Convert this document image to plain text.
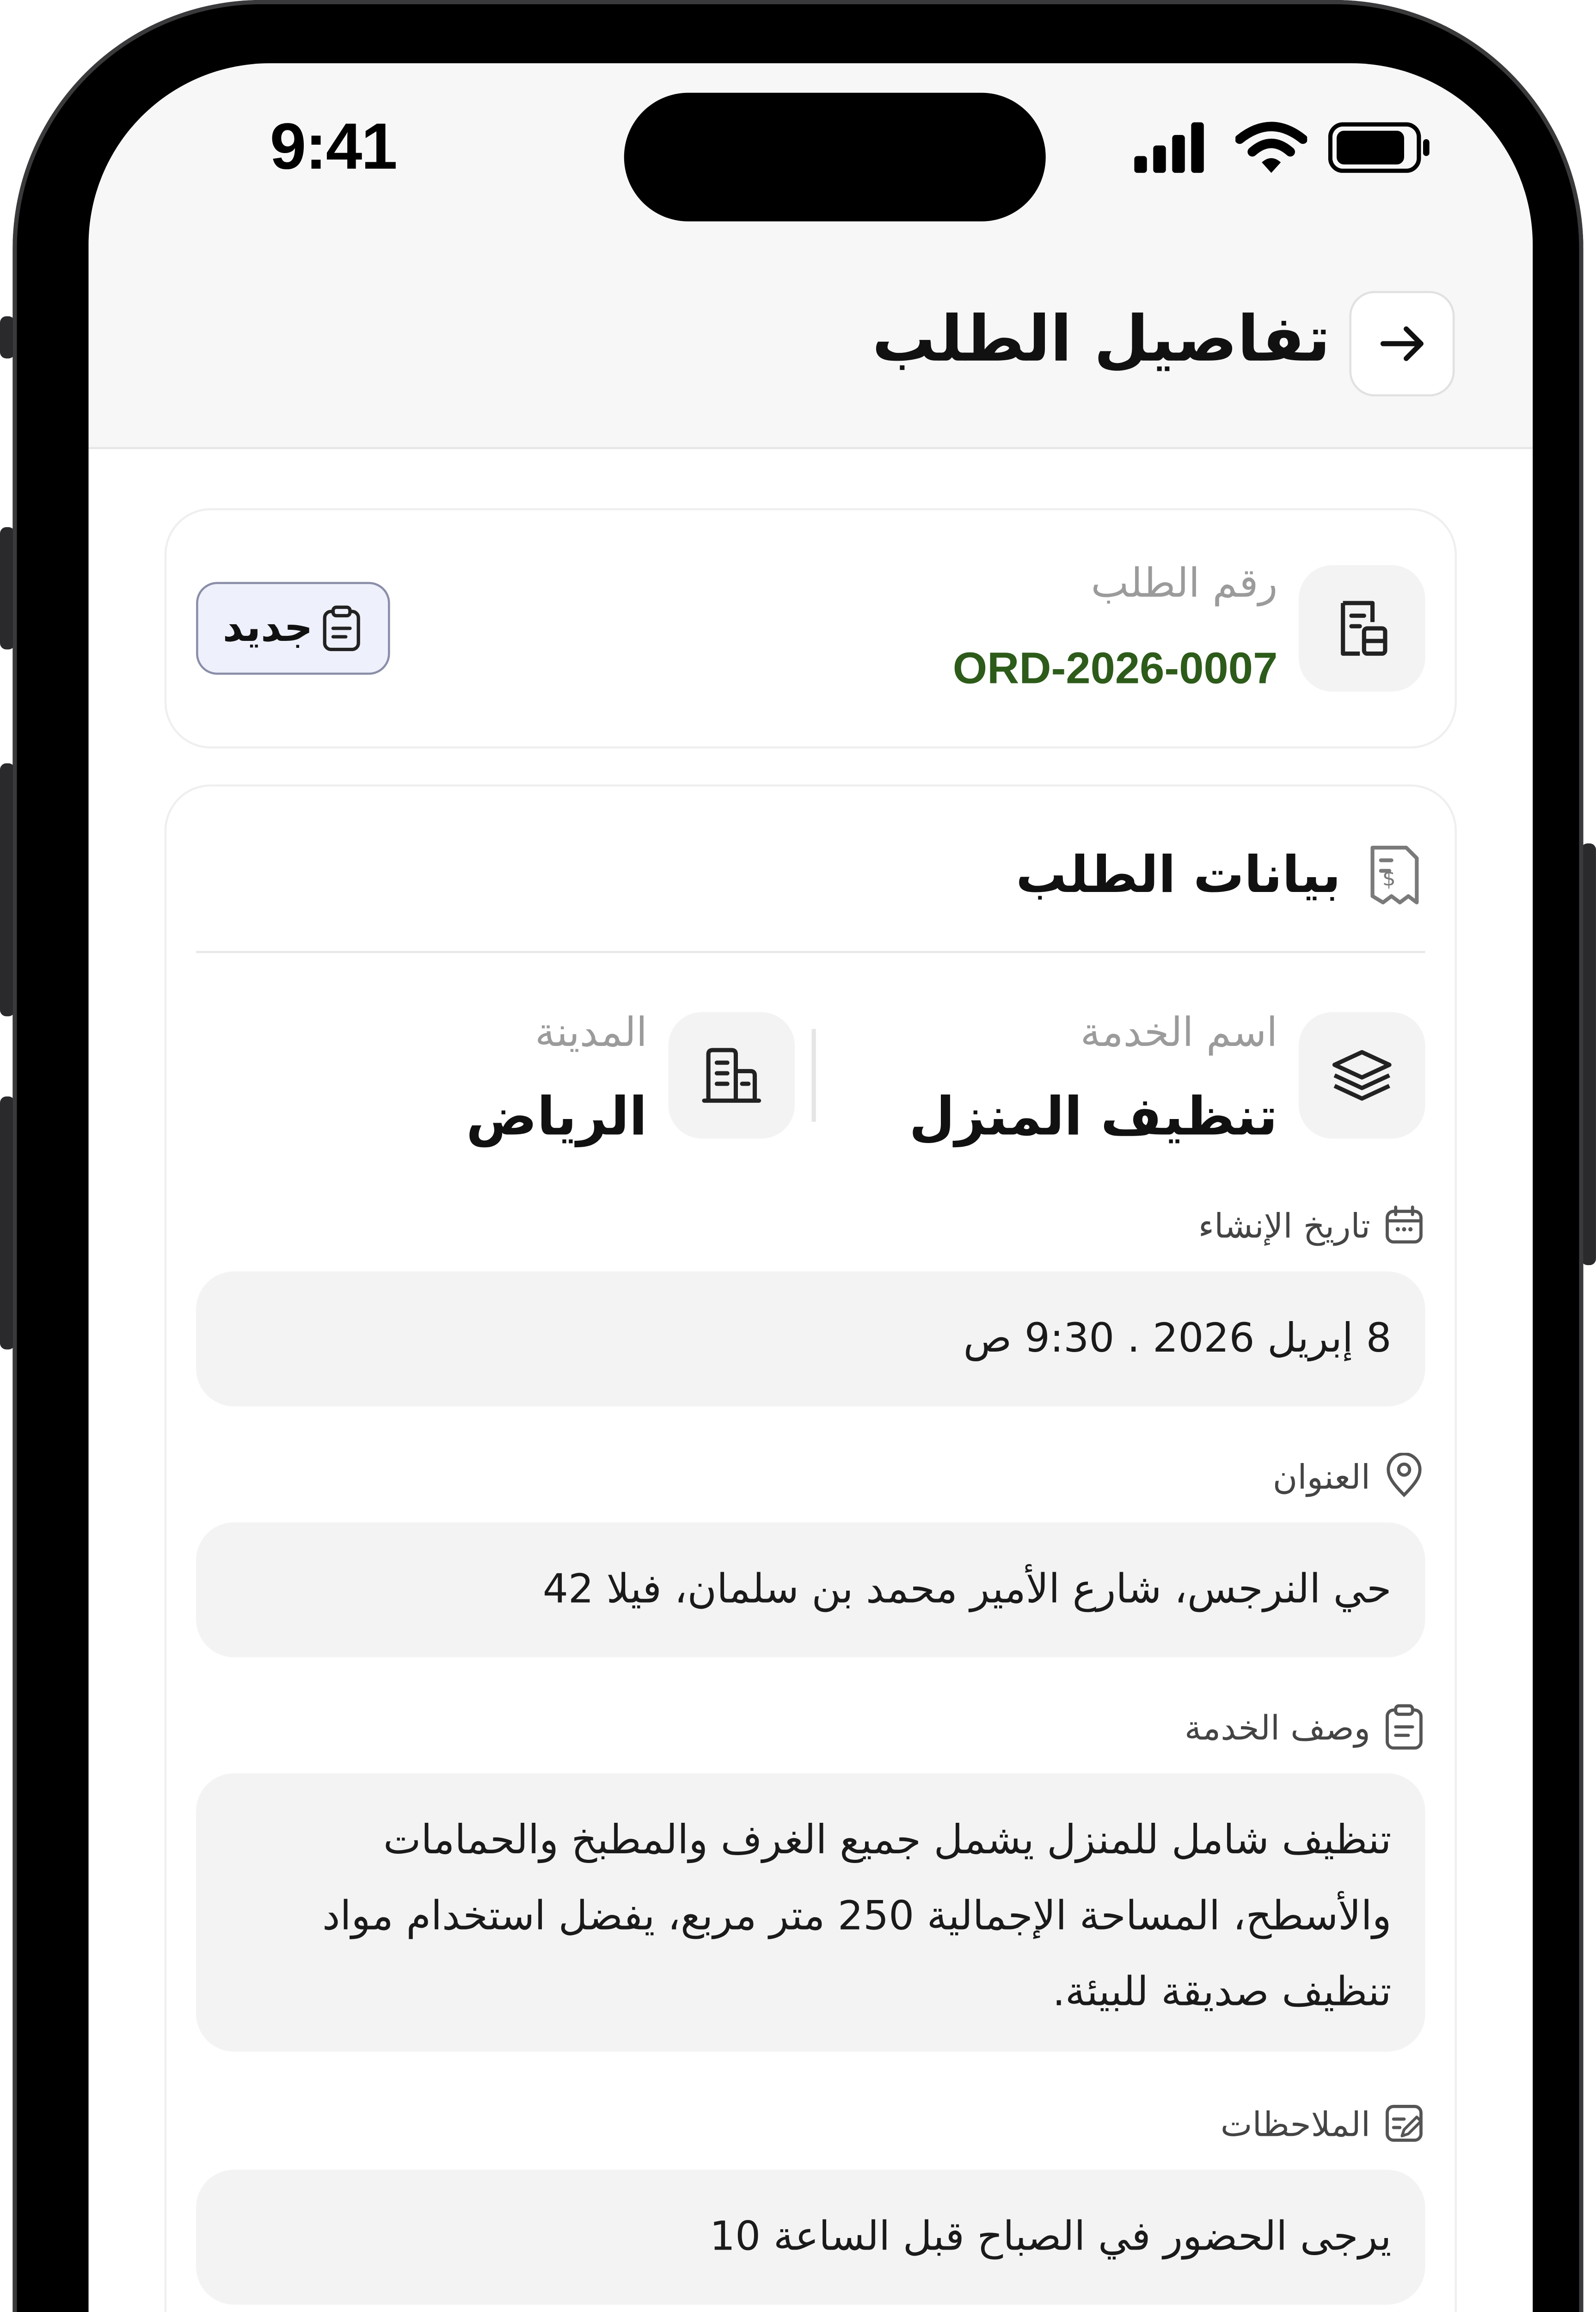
9:41
تفاصيل الطلب
رقم الطلب
ORD-2026-0007
جديد
$
بيانات الطلب
اسم الخدمة
تنظيف المنزل
المدينة
الرياض
تاريخ الإنشاء
8 إبريل 2026 . 9:30 ص
العنوان
حي النرجس، شارع الأمير محمد بن سلمان، فيلا 42
وصف الخدمة
تنظيف شامل للمنزل يشمل جميع الغرف والمطبخ والحمامات والأسطح، المساحة الإجمالية 250 متر مربع، يفضل استخدام مواد تنظيف صديقة للبيئة.
الملاحظات
يرجى الحضور في الصباح قبل الساعة 10
